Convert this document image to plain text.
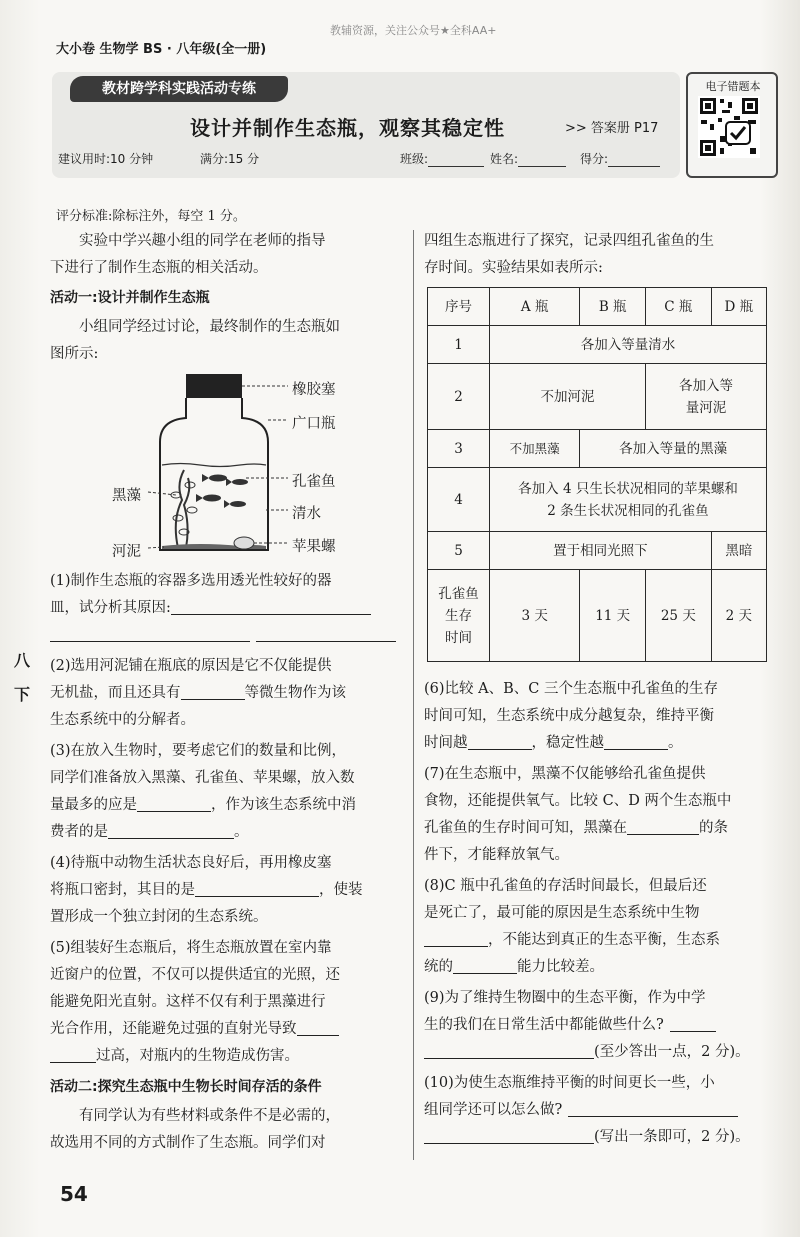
教辅资源，关注公众号★全科AA+
大小卷 生物学 BS · 八年级(全一册)
教材跨学科实践活动专练
设计并制作生态瓶，观察其稳定性	>> 答案册 P17
建议用时:10 分钟	满分:15 分	班级:	姓名:	得分:
电子错题本
评分标准:除标注外，每空 1 分。
实验中学兴趣小组的同学在老师的指导
下进行了制作生态瓶的相关活动。
活动一:设计并制作生态瓶
小组同学经过讨论，最终制作的生态瓶如
图所示:
橡胶塞
广口瓶
孔雀鱼
清水
苹果螺
黑藻
河泥
(1)制作生态瓶的容器多选用透光性较好的器
皿，试分析其原因:
(2)选用河泥铺在瓶底的原因是它不仅能提供
无机盐，而且还具有	等微生物作为该
生态系统中的分解者。
(3)在放入生物时，要考虑它们的数量和比例，
同学们准备放入黑藻、孔雀鱼、苹果螺，放入数
量最多的应是	，作为该生态系统中消
费者的是	。
(4)待瓶中动物生活状态良好后，再用橡皮塞
将瓶口密封，其目的是	，使装
置形成一个独立封闭的生态系统。
(5)组装好生态瓶后，将生态瓶放置在室内靠
近窗户的位置，不仅可以提供适宜的光照，还
能避免阳光直射。这样不仅有利于黑藻进行
光合作用，还能避免过强的直射光导致
过高，对瓶内的生物造成伤害。
活动二:探究生态瓶中生物长时间存活的条件
有同学认为有些材料或条件不是必需的，
故选用不同的方式制作了生态瓶。同学们对
八
下
四组生态瓶进行了探究，记录四组孔雀鱼的生
存时间。实验结果如表所示:
序号	A 瓶	B 瓶	C 瓶	D 瓶
1	各加入等量清水			
2	不加河泥		各加入等
量河泥	

3	不加黑藻	各加入等量的黑藻		
4	各加入 4 只生长状况相同的苹果螺和
2 条生长状况相同的孔雀鱼			

5	置于相同光照下			黑暗

孔雀鱼
生存
时间	3 天	11 天	25 天	2 天
(6)比较 A、B、C 三个生态瓶中孔雀鱼的生存
时间可知，生态系统中成分越复杂，维持平衡
时间越	，稳定性越	。
(7)在生态瓶中，黑藻不仅能够给孔雀鱼提供
食物，还能提供氧气。比较 C、D 两个生态瓶中
孔雀鱼的生存时间可知，黑藻在	的条
件下，才能释放氧气。
(8)C 瓶中孔雀鱼的存活时间最长，但最后还
是死亡了，最可能的原因是生态系统中生物
，不能达到真正的生态平衡，生态系
统的	能力比较差。
(9)为了维持生物圈中的生态平衡，作为中学
生的我们在日常生活中都能做些什么?
(至少答出一点，2 分)。
(10)为使生态瓶维持平衡的时间更长一些，小
组同学还可以怎么做?
(写出一条即可，2 分)。
54
